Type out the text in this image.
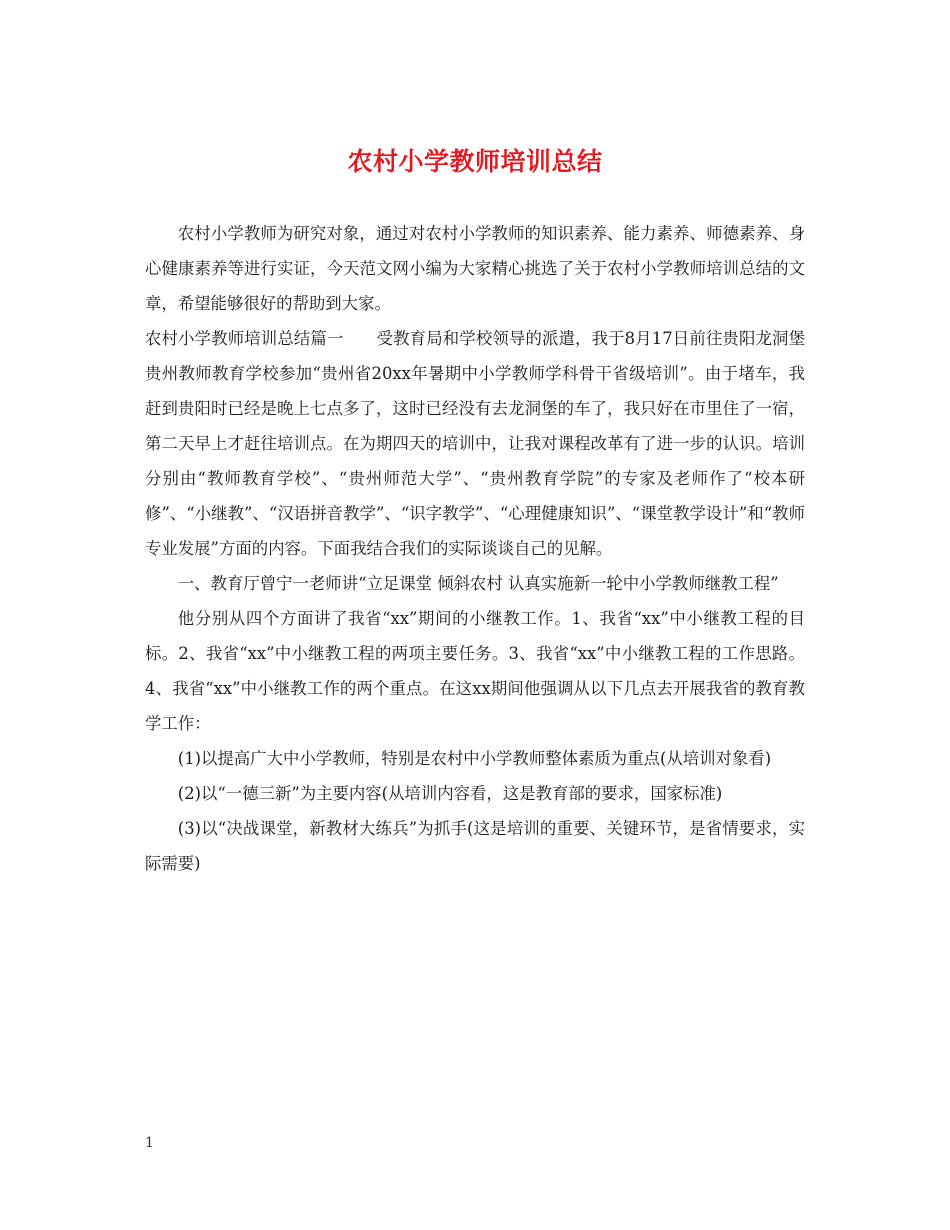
农村小学教师培训总结

农村小学教师为研究对象，通过对农村小学教师的知识素养、能力素养、师德素养、身心健康素养等进行实证，今天范文网小编为大家精心挑选了关于农村小学教师培训总结的文章，希望能够很好的帮助到大家。

农村小学教师培训总结篇一　　受教育局和学校领导的派遣，我于8月17日前往贵阳龙洞堡贵州教师教育学校参加“贵州省20xx年暑期中小学教师学科骨干省级培训”。由于堵车，我赶到贵阳时已经是晚上七点多了，这时已经没有去龙洞堡的车了，我只好在市里住了一宿，第二天早上才赶往培训点。在为期四天的培训中，让我对课程改革有了进一步的认识。培训分别由“教师教育学校”、“贵州师范大学”、“贵州教育学院”的专家及老师作了“校本研修”、“小继教”、“汉语拼音教学”、“识字教学”、“心理健康知识”、“课堂教学设计”和“教师专业发展”方面的内容。下面我结合我们的实际谈谈自己的见解。

一、教育厅曾宁一老师讲“立足课堂 倾斜农村 认真实施新一轮中小学教师继教工程”

他分别从四个方面讲了我省“xx”期间的小继教工作。1、我省“xx”中小继教工程的目标。2、我省“xx”中小继教工程的两项主要任务。3、我省“xx”中小继教工程的工作思路。4、我省“xx”中小继教工作的两个重点。在这xx期间他强调从以下几点去开展我省的教育教学工作：

(1)以提高广大中小学教师，特别是农村中小学教师整体素质为重点(从培训对象看)

(2)以“一德三新”为主要内容(从培训内容看，这是教育部的要求，国家标准)

(3)以“决战课堂，新教材大练兵”为抓手(这是培训的重要、关键环节，是省情要求，实际需要)

1
